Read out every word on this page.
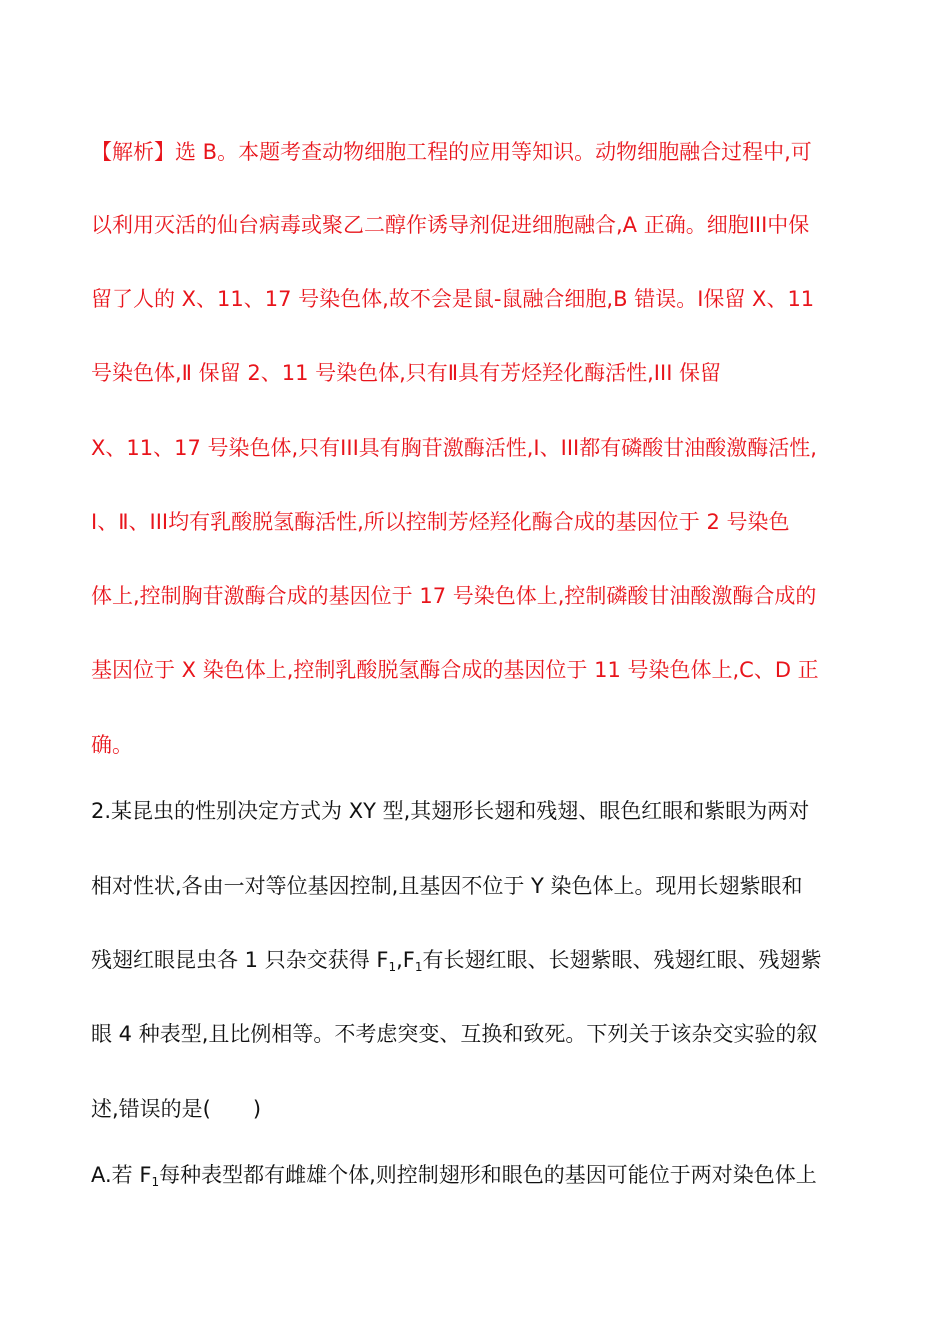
【解析】选 B。本题考查动物细胞工程的应用等知识。动物细胞融合过程中,可
以利用灭活的仙台病毒或聚乙二醇作诱导剂促进细胞融合,A 正确。细胞III中保
留了人的 X、11、17 号染色体,故不会是鼠-鼠融合细胞,B 错误。Ⅰ保留 X、11
号染色体,Ⅱ 保留 2、11 号染色体,只有Ⅱ具有芳烃羟化酶活性,III 保留
X、11、17 号染色体,只有III具有胸苷激酶活性,Ⅰ、III都有磷酸甘油酸激酶活性,
Ⅰ、Ⅱ、III均有乳酸脱氢酶活性,所以控制芳烃羟化酶合成的基因位于 2 号染色
体上,控制胸苷激酶合成的基因位于 17 号染色体上,控制磷酸甘油酸激酶合成的
基因位于 X 染色体上,控制乳酸脱氢酶合成的基因位于 11 号染色体上,C、D 正
确。
2.某昆虫的性别决定方式为 XY 型,其翅形长翅和残翅、眼色红眼和紫眼为两对
相对性状,各由一对等位基因控制,且基因不位于 Y 染色体上。现用长翅紫眼和
残翅红眼昆虫各 1 只杂交获得 $F_1,F_1$有长翅红眼、长翅紫眼、残翅红眼、残翅紫
眼 4 种表型,且比例相等。不考虑突变、互换和致死。下列关于该杂交实验的叙
述,错误的是(　　)
A.若 $F_1$每种表型都有雌雄个体,则控制翅形和眼色的基因可能位于两对染色体上
